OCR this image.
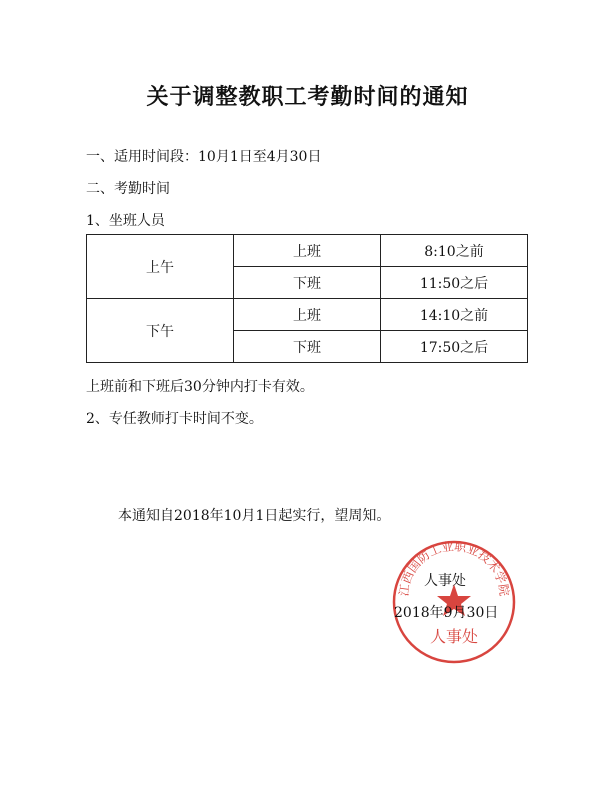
关于调整教职工考勤时间的通知
一、适用时间段：10月1日至4月30日
二、考勤时间
1、坐班人员
上午	上班	8:10之前
	下班	11:50之后
下午	上班	14:10之前
	下班	17:50之后
上班前和下班后30分钟内打卡有效。
2、专任教师打卡时间不变。
本通知自2018年10月1日起实行，望周知。
江西国防工业职业技术学院
人事处
人事处
2018年9月30日
